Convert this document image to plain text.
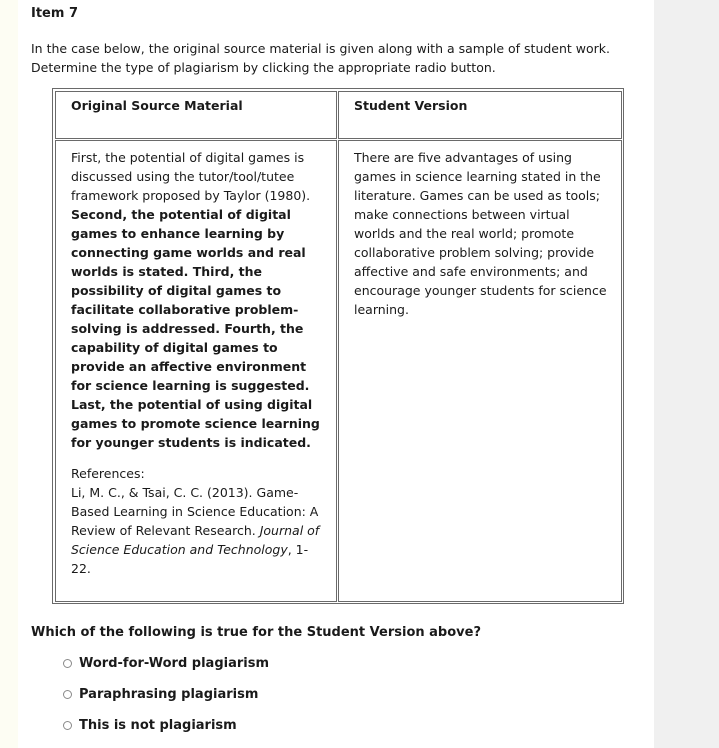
Item 7
In the case below, the original source material is given along with a sample of student work.
Determine the type of plagiarism by clicking the appropriate radio button.
Original Source Material	Student Version

First, the potential of digital games is discussed using the tutor/tool/tutee framework proposed by Taylor (1980). Second, the potential of digital games to enhance learning by connecting game worlds and real worlds is stated. Third, the possibility of digital games to facilitate collaborative problem-solving is addressed. Fourth, the capability of digital games to provide an affective environment for science learning is suggested. Last, the potential of using digital games to promote science learning for younger students is indicated.

References:

Li, M. C., & Tsai, C. C. (2013). Game-Based Learning in Science Education: A Review of Relevant Research. Journal of Science Education and Technology, 1-22.

There are five advantages of using games in science learning stated in the literature. Games can be used as tools; make connections between virtual worlds and the real world; promote collaborative problem solving; provide affective and safe environments; and encourage younger students for science learning.
Which of the following is true for the Student Version above?
Word-for-Word plagiarism
Paraphrasing plagiarism
This is not plagiarism
